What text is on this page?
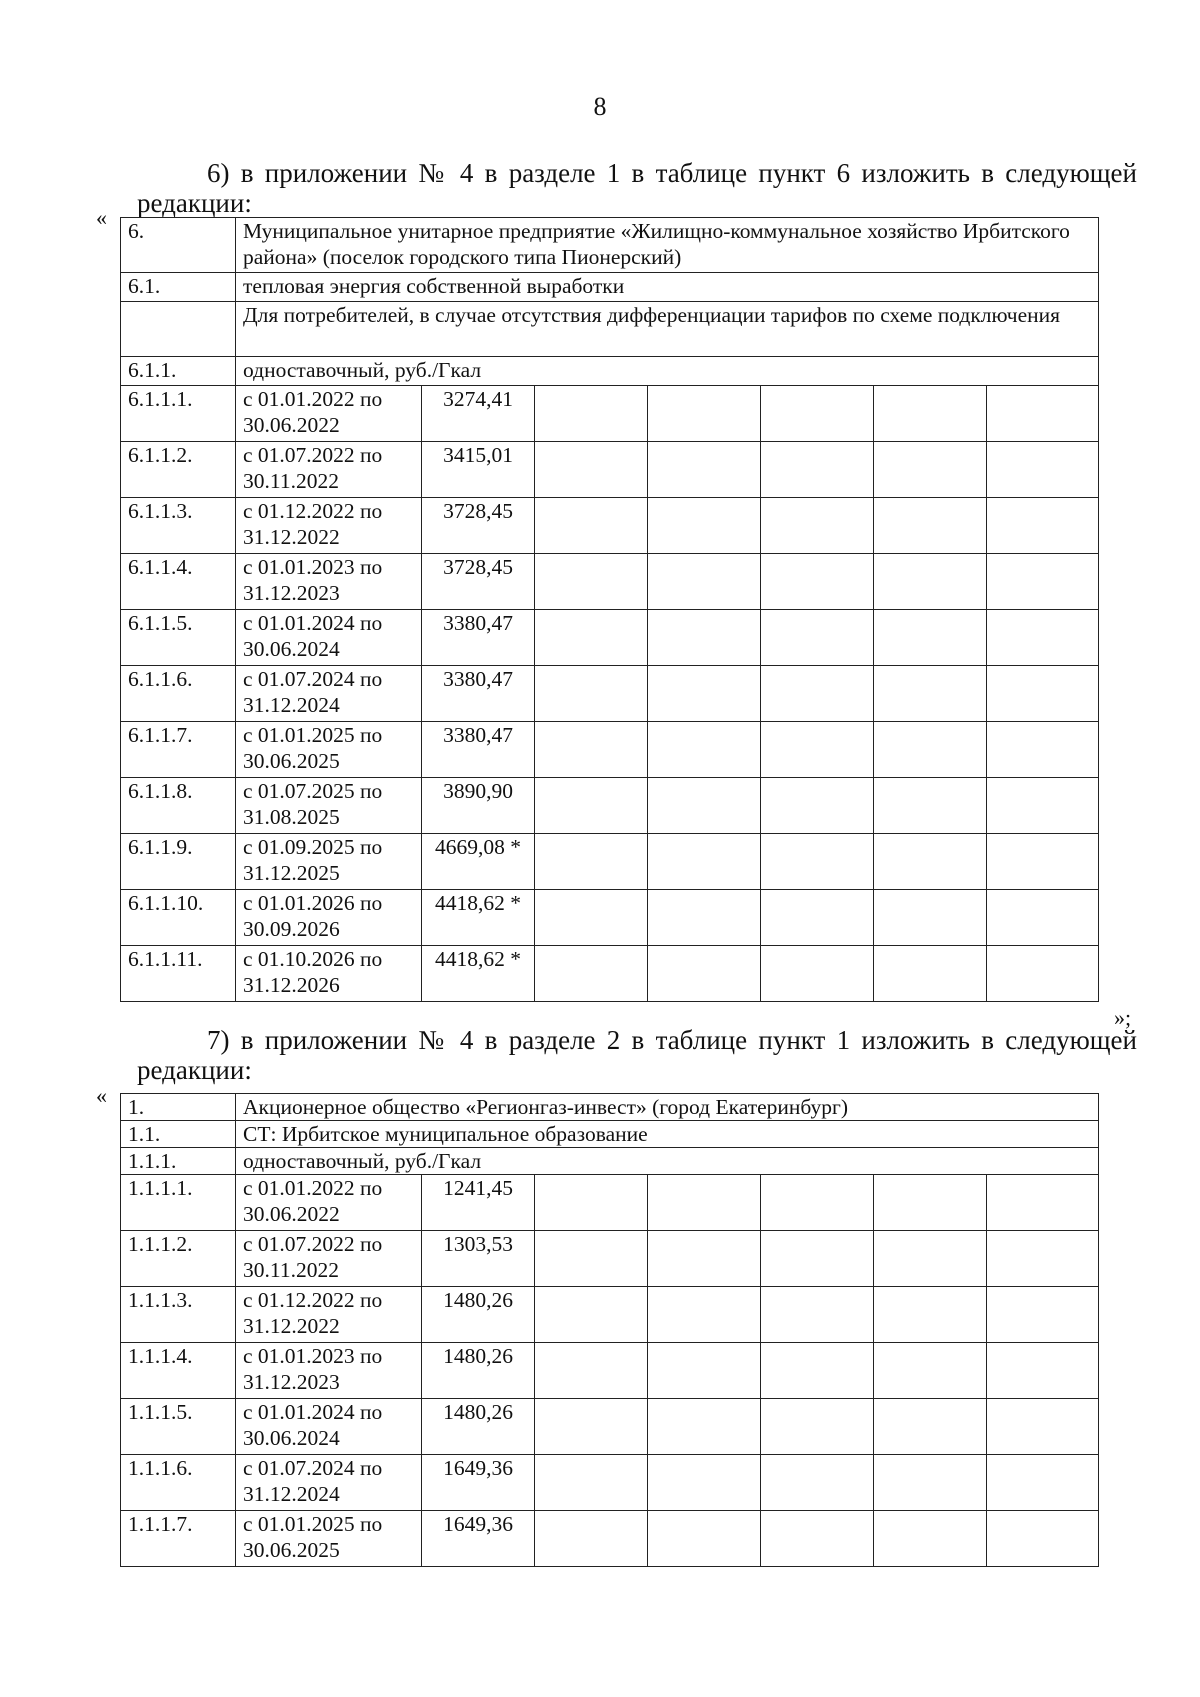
8
6) в приложении № 4 в разделе 1 в таблице пункт 6 изложить в следующей
редакции:
«
6.	Муниципальное унитарное предприятие «Жилищно-коммунальное хозяйство Ирбитского района» (поселок городского типа Пионерский)						
6.1.	тепловая энергия собственной выработки						
	Для потребителей, в случае отсутствия дифференциации тарифов по схеме подключения						
6.1.1.	одноставочный, руб./Гкал						
6.1.1.1.	с 01.01.2022 по 30.06.2022	3274,41					
6.1.1.2.	с 01.07.2022 по 30.11.2022	3415,01					
6.1.1.3.	с 01.12.2022 по 31.12.2022	3728,45					
6.1.1.4.	с 01.01.2023 по 31.12.2023	3728,45					
6.1.1.5.	с 01.01.2024 по 30.06.2024	3380,47					
6.1.1.6.	с 01.07.2024 по 31.12.2024	3380,47					
6.1.1.7.	с 01.01.2025 по 30.06.2025	3380,47					
6.1.1.8.	с 01.07.2025 по 31.08.2025	3890,90					
6.1.1.9.	с 01.09.2025 по 31.12.2025	4669,08 *					
6.1.1.10.	с 01.01.2026 по 30.09.2026	4418,62 *					
6.1.1.11.	с 01.10.2026 по 31.12.2026	4418,62 *					
»;
7) в приложении № 4 в разделе 2 в таблице пункт 1 изложить в следующей
редакции:
« 1.	Акционерное общество «Регионгаз-инвест» (город Екатеринбург)						
1.1.	СТ: Ирбитское муниципальное образование						
1.1.1.	одноставочный, руб./Гкал						
1.1.1.1.	с 01.01.2022 по 30.06.2022	1241,45					
1.1.1.2.	с 01.07.2022 по 30.11.2022	1303,53					
1.1.1.3.	с 01.12.2022 по 31.12.2022	1480,26					
1.1.1.4.	с 01.01.2023 по 31.12.2023	1480,26					
1.1.1.5.	с 01.01.2024 по 30.06.2024	1480,26					
1.1.1.6.	с 01.07.2024 по 31.12.2024	1649,36					
1.1.1.7.	с 01.01.2025 по 30.06.2025	1649,36					
